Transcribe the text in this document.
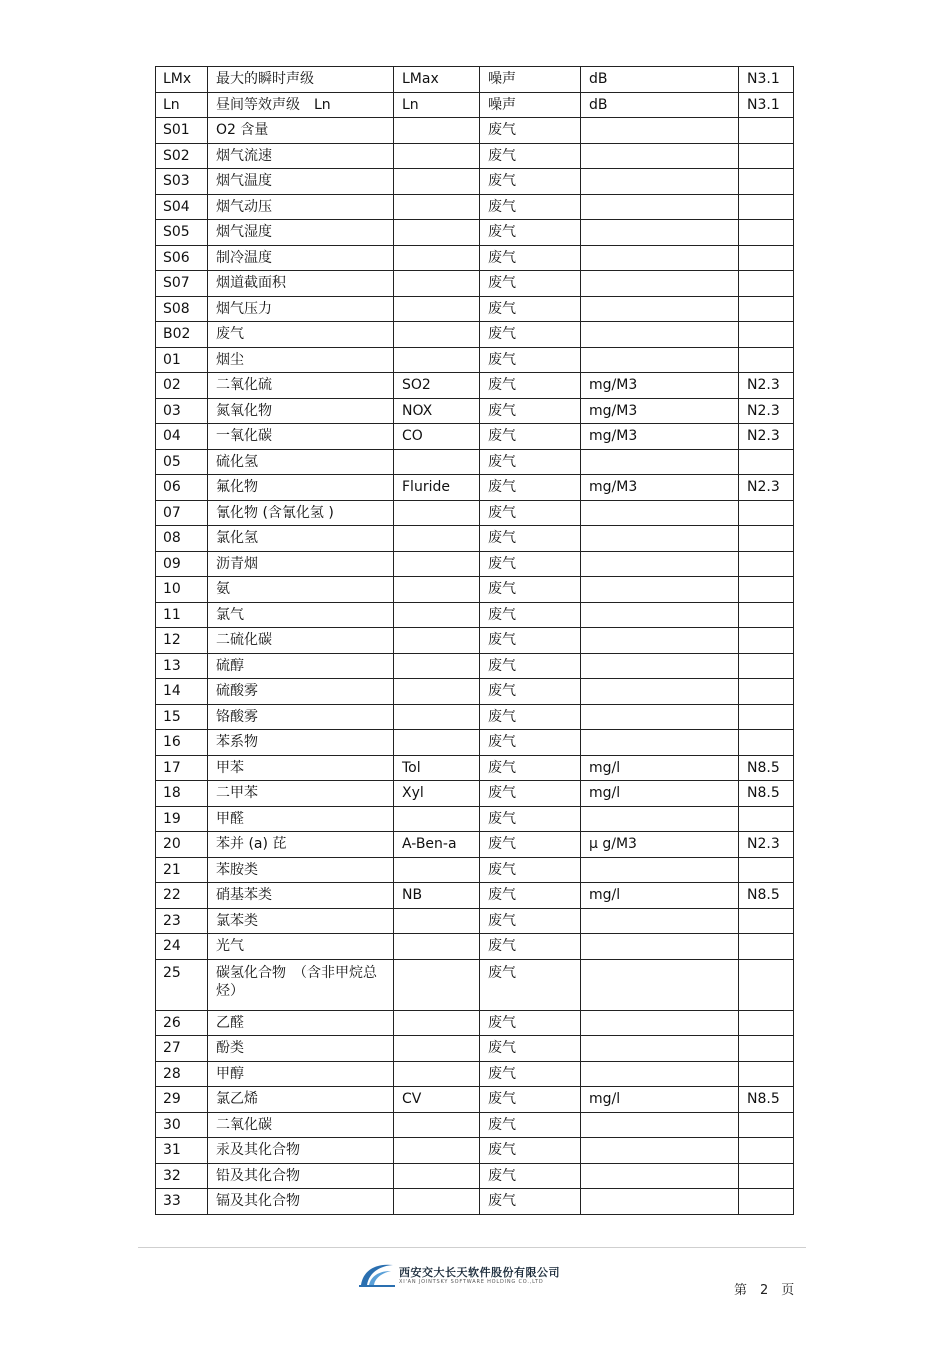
LMx	最大的瞬时声级	LMax	噪声	dB	N3.1
Ln	昼间等效声级　Ln	Ln	噪声	dB	N3.1
S01	O2 含量		废气		
S02	烟气流速		废气		
S03	烟气温度		废气		
S04	烟气动压		废气		
S05	烟气湿度		废气		
S06	制冷温度		废气		
S07	烟道截面积		废气		
S08	烟气压力		废气		
B02	废气		废气		
01	烟尘		废气		
02	二氧化硫	SO2	废气	mg/M3	N2.3
03	氮氧化物	NOX	废气	mg/M3	N2.3
04	一氧化碳	CO	废气	mg/M3	N2.3
05	硫化氢		废气		
06	氟化物	Fluride	废气	mg/M3	N2.3
07	氰化物 (含氰化氢 )		废气		
08	氯化氢		废气		
09	沥青烟		废气		
10	氨		废气		
11	氯气		废气		
12	二硫化碳		废气		
13	硫醇		废气		
14	硫酸雾		废气		
15	铬酸雾		废气		
16	苯系物		废气		
17	甲苯	Tol	废气	mg/l	N8.5
18	二甲苯	Xyl	废气	mg/l	N8.5
19	甲醛		废气		
20	苯并 (a) 芘	A-Ben-a	废气	μ g/M3	N2.3
21	苯胺类		废气		
22	硝基苯类	NB	废气	mg/l	N8.5
23	氯苯类		废气		
24	光气		废气		
25	碳氢化合物　（含非甲烷总烃）		废气		
26	乙醛		废气		
27	酚类		废气		
28	甲醇		废气		
29	氯乙烯	CV	废气	mg/l	N8.5
30	二氧化碳		废气		
31	汞及其化合物		废气		
32	铅及其化合物		废气		
33	镉及其化合物		废气		
西安交大长天软件股份有限公司
XI'AN JOINTSKY SOFTWARE HOLDING CO.,LTD
第　2　页
